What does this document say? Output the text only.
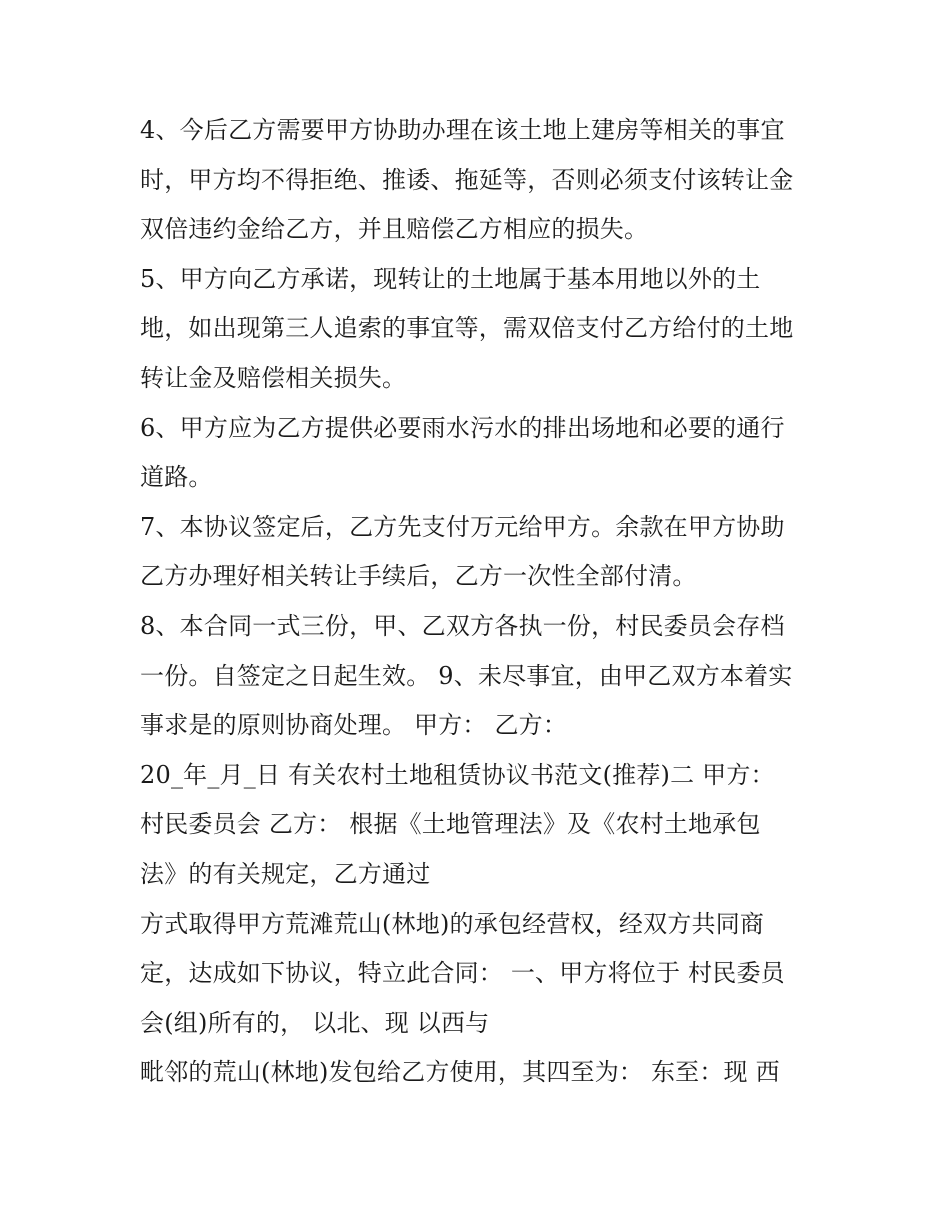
4、今后乙方需要甲方协助办理在该土地上建房等相关的事宜
时，甲方均不得拒绝、推诿、拖延等，否则必须支付该转让金
双倍违约金给乙方，并且赔偿乙方相应的损失。
5、甲方向乙方承诺，现转让的土地属于基本用地以外的土
地，如出现第三人追索的事宜等，需双倍支付乙方给付的土地
转让金及赔偿相关损失。
6、甲方应为乙方提供必要雨水污水的排出场地和必要的通行
道路。
7、本协议签定后，乙方先支付万元给甲方。余款在甲方协助
乙方办理好相关转让手续后，乙方一次性全部付清。
8、本合同一式三份，甲、乙双方各执一份，村民委员会存档
一份。自签定之日起生效。 9、未尽事宜，由甲乙双方本着实
事求是的原则协商处理。 甲方： 乙方：
20_年_月_日 有关农村土地租赁协议书范文(推荐)二 甲方：
村民委员会 乙方： 根据《土地管理法》及《农村土地承包
法》的有关规定，乙方通过
方式取得甲方荒滩荒山(林地)的承包经营权，经双方共同商
定，达成如下协议，特立此合同： 一、甲方将位于 村民委员
会(组)所有的， 以北、现 以西与
毗邻的荒山(林地)发包给乙方使用，其四至为： 东至：现 西
